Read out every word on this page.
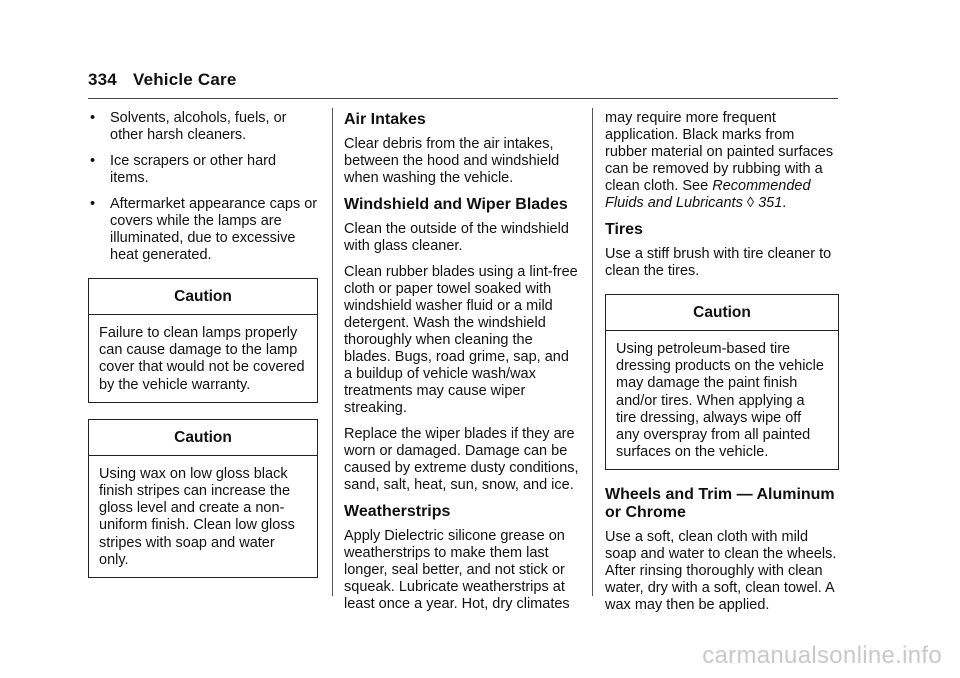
334 Vehicle Care
•	Solvents, alcohols, fuels, or other harsh cleaners.
•	Ice scrapers or other hard items.
•	Aftermarket appearance caps or covers while the lamps are illuminated, due to excessive heat generated.
Caution

Failure to clean lamps properly can cause damage to the lamp cover that would not be covered by the vehicle warranty.

Caution

Using wax on low gloss black finish stripes can increase the gloss level and create a non-uniform finish. Clean low gloss stripes with soap and water only.

Air Intakes

Clear debris from the air intakes, between the hood and windshield when washing the vehicle.

Windshield and Wiper Blades

Clean the outside of the windshield with glass cleaner.

Clean rubber blades using a lint-free cloth or paper towel soaked with windshield washer fluid or a mild detergent. Wash the windshield thoroughly when cleaning the blades. Bugs, road grime, sap, and a buildup of vehicle wash/wax treatments may cause wiper streaking.

Replace the wiper blades if they are worn or damaged. Damage can be caused by extreme dusty conditions, sand, salt, heat, sun, snow, and ice.

Weatherstrips

Apply Dielectric silicone grease on weatherstrips to make them last longer, seal better, and not stick or squeak. Lubricate weatherstrips at least once a year. Hot, dry climates

may require more frequent application. Black marks from rubber material on painted surfaces can be removed by rubbing with a clean cloth. See Recommended Fluids and Lubricants ◊ 351.

Tires

Use a stiff brush with tire cleaner to clean the tires.

Caution

Using petroleum-based tire dressing products on the vehicle may damage the paint finish and/or tires. When applying a tire dressing, always wipe off any overspray from all painted surfaces on the vehicle.

Wheels and Trim — Aluminum or Chrome

Use a soft, clean cloth with mild soap and water to clean the wheels. After rinsing thoroughly with clean water, dry with a soft, clean towel. A wax may then be applied.

carmanualsonline.info
